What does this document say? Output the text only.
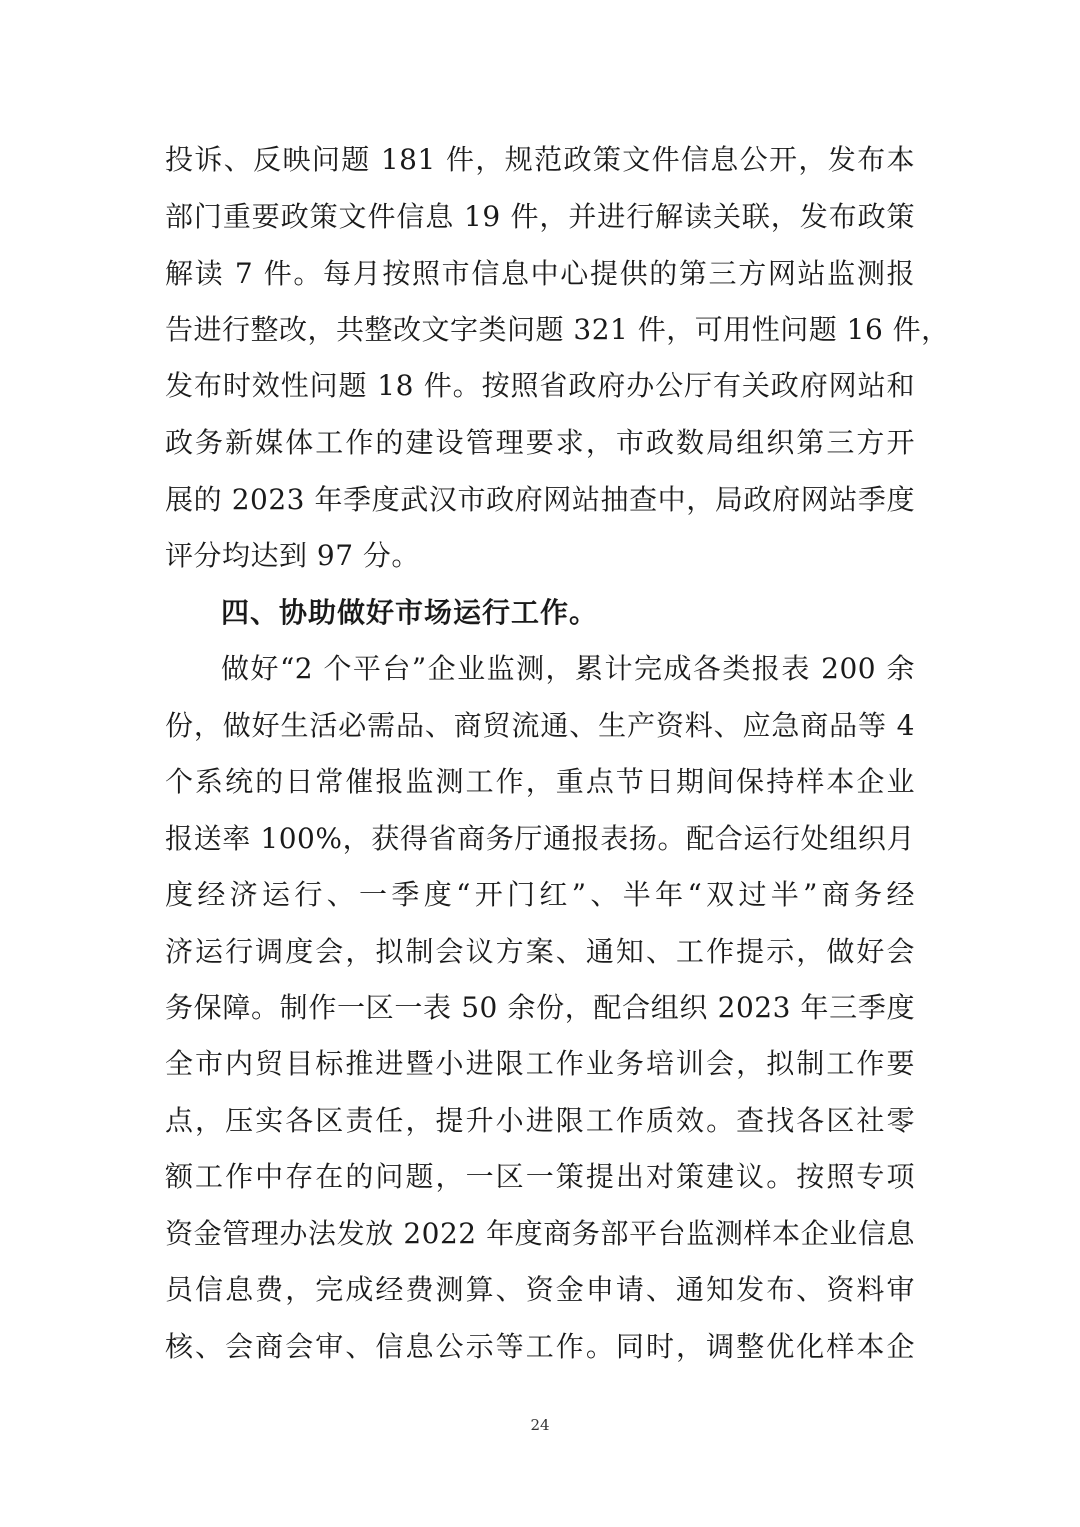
投诉、反映问题 181 件，规范政策文件信息公开，发布本
部门重要政策文件信息 19 件，并进行解读关联，发布政策
解读 7 件。每月按照市信息中心提供的第三方网站监测报
告进行整改，共整改文字类问题 321 件，可用性问题 16 件，
发布时效性问题 18 件。按照省政府办公厅有关政府网站和
政务新媒体工作的建设管理要求，市政数局组织第三方开
展的 2023 年季度武汉市政府网站抽查中，局政府网站季度
评分均达到 97 分。
四、协助做好市场运行工作。
做好“2 个平台”企业监测，累计完成各类报表 200 余
份，做好生活必需品、商贸流通、生产资料、应急商品等 4
个系统的日常催报监测工作，重点节日期间保持样本企业
报送率 100%，获得省商务厅通报表扬。配合运行处组织月
度经济运行、一季度“开门红”、半年“双过半”商务经
济运行调度会，拟制会议方案、通知、工作提示，做好会
务保障。制作一区一表 50 余份，配合组织 2023 年三季度
全市内贸目标推进暨小进限工作业务培训会，拟制工作要
点，压实各区责任，提升小进限工作质效。查找各区社零
额工作中存在的问题，一区一策提出对策建议。按照专项
资金管理办法发放 2022 年度商务部平台监测样本企业信息
员信息费，完成经费测算、资金申请、通知发布、资料审
核、会商会审、信息公示等工作。同时，调整优化样本企
24
